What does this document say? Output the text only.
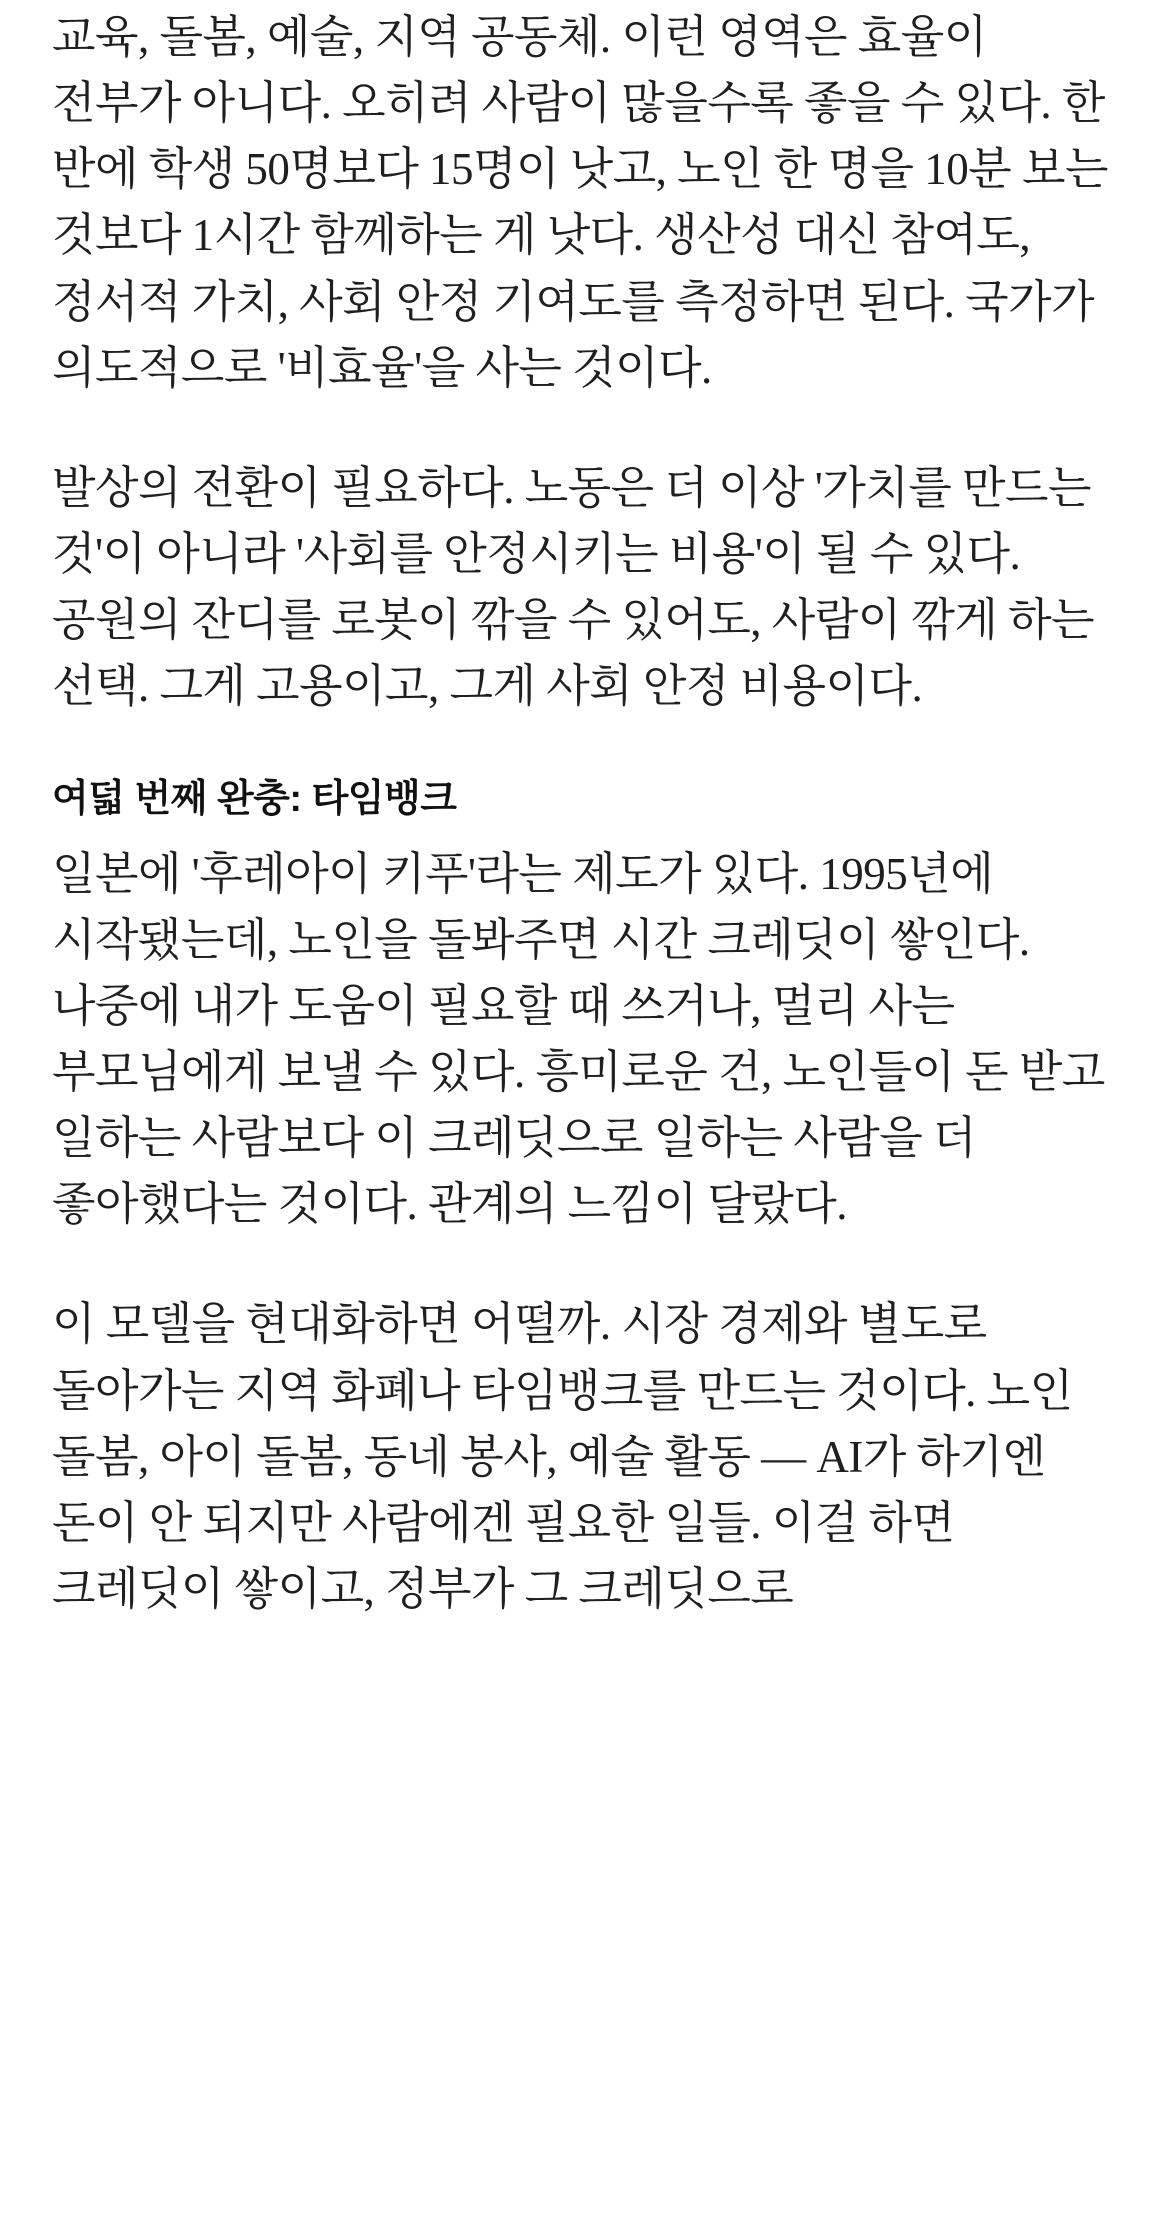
교육, 돌봄, 예술, 지역 공동체. 이런 영역은 효율이 전부가 아니다. 오히려 사람이 많을수록 좋을 수 있다. 한 반에 학생 50명보다 15명이 낫고, 노인 한 명을 10분 보는 것보다 1시간 함께하는 게 낫다. 생산성 대신 참여도, 정서적 가치, 사회 안정 기여도를 측정하면 된다. 국가가 의도적으로 '비효율'을 사는 것이다.

발상의 전환이 필요하다. 노동은 더 이상 '가치를 만드는 것'이 아니라 '사회를 안정시키는 비용'이 될 수 있다. 공원의 잔디를 로봇이 깎을 수 있어도, 사람이 깎게 하는 선택. 그게 고용이고, 그게 사회 안정 비용이다.

여덟 번째 완충: 타임뱅크

일본에 '후레아이 키푸'라는 제도가 있다. 1995년에 시작됐는데, 노인을 돌봐주면 시간 크레딧이 쌓인다. 나중에 내가 도움이 필요할 때 쓰거나, 멀리 사는 부모님에게 보낼 수 있다. 흥미로운 건, 노인들이 돈 받고 일하는 사람보다 이 크레딧으로 일하는 사람을 더 좋아했다는 것이다. 관계의 느낌이 달랐다.

이 모델을 현대화하면 어떨까. 시장 경제와 별도로 돌아가는 지역 화폐나 타임뱅크를 만드는 것이다. 노인 돌봄, 아이 돌봄, 동네 봉사, 예술 활동 — AI가 하기엔 돈이 안 되지만 사람에겐 필요한 일들. 이걸 하면 크레딧이 쌓이고, 정부가 그 크레딧으로
